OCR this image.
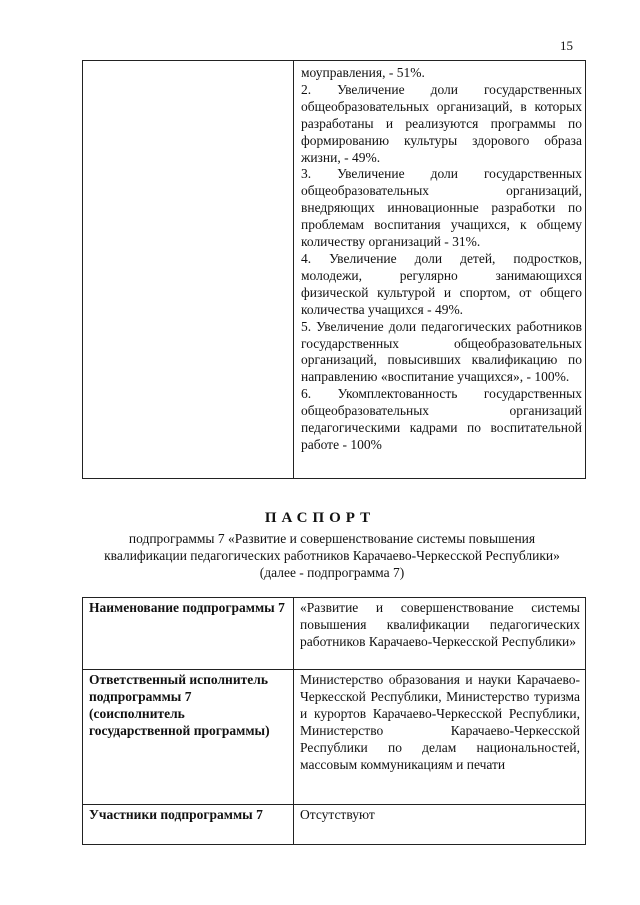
15

моуправления, - 51%.

2. Увеличение доли государственных общеобразовательных организаций, в которых разработаны и реализуются программы по формированию культуры здорового образа жизни, - 49%.

3. Увеличение доли государственных общеобразовательных организаций, внедряющих инновационные разработки по проблемам воспитания учащихся, к общему количеству организаций - 31%.

4. Увеличение доли детей, подростков, молодежи, регулярно занимающихся физической культурой и спортом, от общего количества учащихся - 49%.

5. Увеличение доли педагогических работников государственных общеобразовательных организаций, повысивших квалификацию по направлению «воспитание учащихся», - 100%.

6. Укомплектованность государственных общеобразовательных организаций педагогическими кадрами по воспитательной работе - 100%

ПАСПОРТ
подпрограммы 7 «Развитие и совершенствование системы повышения квалификации педагогических работников Карачаево-Черкесской Республики» (далее - подпрограмма 7)
Наименование подпрограммы 7	«Развитие и совершенствование системы повышения квалификации педагогических работников Карачаево-Черкесской Республики»
Ответственный исполнитель подпрограммы 7 (соисполнитель государственной программы)	Министерство образования и науки Карачаево-Черкесской Республики, Министерство туризма и курортов Карачаево-Черкесской Республики, Министерство Карачаево-Черкесской Республики по делам национальностей, массовым коммуникациям и печати
Участники подпрограммы 7	Отсутствуют
